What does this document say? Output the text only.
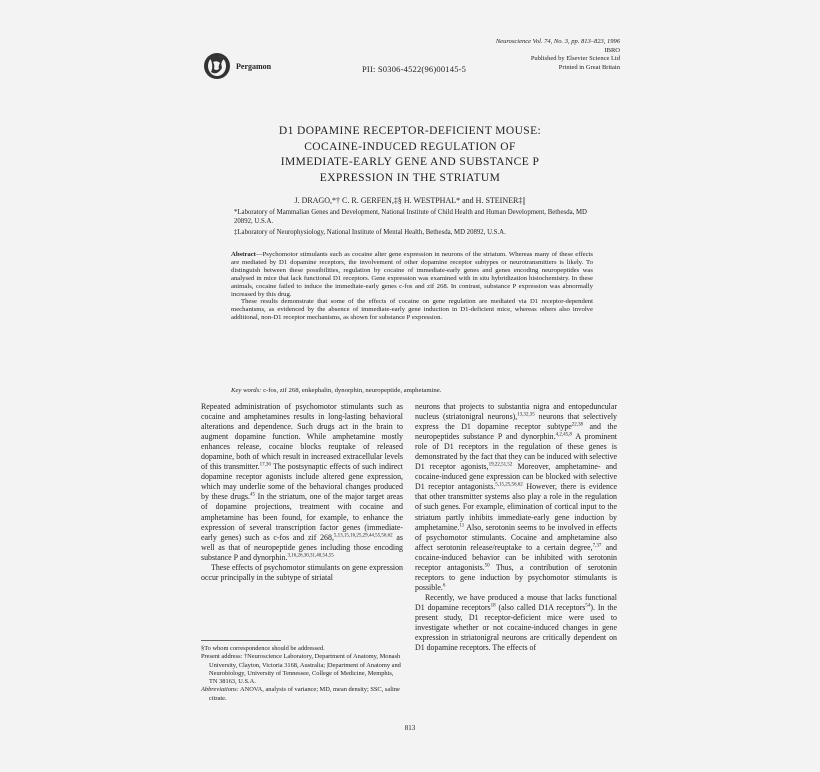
Pergamon	PII: S0306-4522(96)00145-5
Neuroscience Vol. 74, No. 3, pp. 813–823, 1996
IBRO
Published by Elsevier Science Ltd
Printed in Great Britain
D1 DOPAMINE RECEPTOR-DEFICIENT MOUSE:
COCAINE-INDUCED REGULATION OF
IMMEDIATE-EARLY GENE AND SUBSTANCE P
EXPRESSION IN THE STRIATUM
J. DRAGO,*† C. R. GERFEN,‡§ H. WESTPHAL* and H. STEINER‡||
*Laboratory of Mammalian Genes and Development, National Institute of Child Health and Human Development, Bethesda, MD 20892, U.S.A.
‡Laboratory of Neurophysiology, National Institute of Mental Health, Bethesda, MD 20892, U.S.A.

Abstract—Psychomotor stimulants such as cocaine alter gene expression in neurons of the striatum. Whereas many of these effects are mediated by D1 dopamine receptors, the involvement of other dopamine receptor subtypes or neurotransmitters is likely. To distinguish between these possibilities, regulation by cocaine of immediate-early genes and genes encoding neuropeptides was analysed in mice that lack functional D1 receptors. Gene expression was examined with in situ hybridization histochemistry. In these animals, cocaine failed to induce the immediate-early genes c-fos and zif 268. In contrast, substance P expression was abnormally increased by this drug.

These results demonstrate that some of the effects of cocaine on gene regulation are mediated via D1 receptor-dependent mechanisms, as evidenced by the absence of immediate-early gene induction in D1-deficient mice, whereas others also involve additional, non-D1 receptor mechanisms, as shown for substance P expression.

Key words: c-fos, zif 268, enkephalin, dynorphin, neuropeptide, amphetamine.

Repeated administration of psychomotor stimulants such as cocaine and amphetamines results in long-lasting behavioral alterations and dependence. Such drugs act in the brain to augment dopamine function. While amphetamine mostly enhances release, cocaine blocks reuptake of released dopamine, both of which result in increased extracellular levels of this transmitter.$^{17,36}$ The postsynaptic effects of such indirect dopamine receptor agonists include altered gene expression, which may underlie some of the behavioral changes produced by these drugs.$^{45}$ In the striatum, one of the major target areas of dopamine projections, treatment with cocaine and amphetamine has been found, for example, to enhance the expression of several transcription factor genes (immediate-early genes) such as c-fos and zif 268,$^{5,13,15,16,25,29,44,55,56,62}$ as well as that of neuropeptide genes including those encoding substance P and dynorphin.$^{3,16,26,30,31,40,54,55}$

These effects of psychomotor stimulants on gene expression occur principally in the subtype of striatal

neurons that projects to substantia nigra and entopeduncular nucleus (striatonigral neurons),$^{13,32,35}$ neurons that selectively express the D1 dopamine receptor subtype$^{22,38}$ and the neuropeptides substance P and dynorphin.$^{4,2,45,8}$ A prominent role of D1 receptors in the regulation of these genes is demonstrated by the fact that they can be induced with selective D1 receptor agonists,$^{19,22,51,52}$ Moreover, amphetamine- and cocaine-induced gene expression can be blocked with selective D1 receptor antagonists.$^{5,15,25,56,62}$ However, there is evidence that other transmitter systems also play a role in the regulation of such genes. For example, elimination of cortical input to the striatum partly inhibits immediate-early gene induction by amphetamine.$^{11}$ Also, serotonin seems to be involved in effects of psychomotor stimulants. Cocaine and amphetamine also affect serotonin release/reuptake to a certain degree,$^{7,37}$ and cocaine-induced behavior can be inhibited with serotonin receptor antagonists.$^{50}$ Thus, a contribution of serotonin receptors to gene induction by psychomotor stimulants is possible.$^6$

Recently, we have produced a mouse that lacks functional D1 dopamine receptors$^{18}$ (also called D1A receptors$^{54}$). In the present study, D1 receptor-deficient mice were used to investigate whether or not cocaine-induced changes in gene expression in striatonigral neurons are critically dependent on D1 dopamine receptors. The effects of

§To whom correspondence should be addressed.

Present address: †Neuroscience Laboratory, Department of Anatomy, Monash University, Clayton, Victoria 3168, Australia; |Department of Anatomy and Neurobiology, University of Tennessee, College of Medicine, Memphis, TN 38163, U.S.A.

Abbreviations: ANOVA, analysis of variance; MD, mean density; SSC, saline citrate.

813
